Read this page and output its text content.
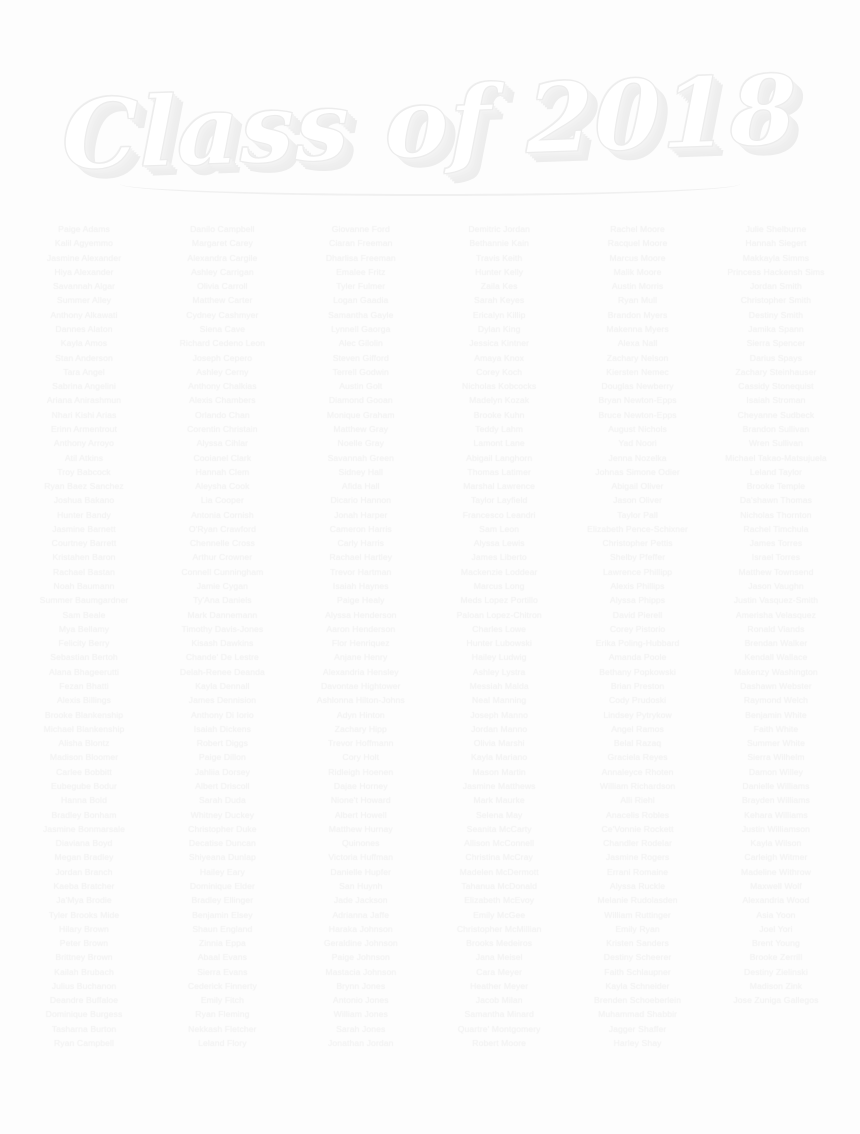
Class of 2018
Paige Adams
Kalil Agyemmo
Jasmine Alexander
Hiya Alexander
Savannah Algar
Summer Alley
Anthony Alkawati
Dannes Alaton
Kayla Amos
Stan Anderson
Tara Angel
Sabrina Angelini
Ariana Anirashmun
Nhari Kishi Arias
Erinn Armentrout
Anthony Arroyo
Atil Atkins
Troy Babcock
Ryan Baez Sanchez
Joshua Bakano
Hunter Bandy
Jasmine Barnett
Courtney Barrett
Kristahen Baron
Rachael Bastan
Noah Baumann
Summer Baumgardner
Sam Beale
Mya Bellamy
Felicity Berry
Sebastian Bertoh
Alana Bhageerutti
Fezan Bhatti
Alexis Billings
Brooke Blankenship
Michael Blankenship
Alisha Blontz
Madison Bloomer
Carlee Bobbitt
Eubegube Bodur
Hanna Bold
Bradley Bonham
Jasmine Bonmarsale
Diaviana Boyd
Megan Bradley
Jordan Branch
Kaeba Bratcher
Ja'Mya Brodie
Tyler Brooks Mide
Hilary Brown
Peter Brown
Brittney Brown
Kailah Brubach
Julius Buchanon
Deandre Buffaloe
Dominique Burgess
Tasharna Burton
Ryan Campbell
Danilo Campbell
Margaret Carey
Alexandra Cargile
Ashley Carrigan
Olivia Carroll
Matthew Carter
Cydney Cashmyer
Siena Cave
Richard Cedeno Leon
Joseph Cepero
Ashley Cerny
Anthony Chalkias
Alexis Chambers
Orlando Chan
Corentin Christain
Alyssa Cihlar
Cooianel Clark
Hannah Clem
Aleysha Cook
Lia Cooper
Antonia Cornish
O'Ryan Crawford
Chennelle Cross
Arthur Crowner
Connell Cunningham
Jamie Cygan
Ty'Ana Daniels
Mark Dannemann
Timothy Davis-Jones
Kisash Dawkins
Chande' De Lestre
Delah-Renee Deanda
Kayla Dennall
James Dennision
Anthony Di Iorio
Isaiah Dickens
Robert Diggs
Paige Dillon
Jahliia Dorsey
Albert Driscoll
Sarah Duda
Whitney Duckey
Christopher Duke
Decatise Duncan
Shiyeana Dunlap
Hailey Eary
Dominique Elder
Bradley Ellinger
Benjamin Elsey
Shaun England
Zinnia Eppa
Abaal Evans
Sierra Evans
Cederick Finnerty
Emily Fitch
Ryan Fleming
Nekkash Fletcher
Leland Flory
Giovanne Ford
Ciaran Freeman
Dharlisa Freeman
Emalee Fritz
Tyler Fulmer
Logan Gaadia
Samantha Gayle
Lynnell Gaorga
Alec Gilolin
Steven Gifford
Terrell Godwin
Austin Golt
Diamond Gooan
Monique Graham
Matthew Gray
Noelle Gray
Savannah Green
Sidney Hall
Afida Hall
Dicario Hannon
Jonah Harper
Cameron Harris
Carly Harris
Rachael Hartley
Trevor Hartman
Isaiah Haynes
Paige Healy
Alyssa Henderson
Aaron Henderson
Flor Henriquez
Anjane Henry
Alexandria Hensley
Davontae Hightower
Ashlonna Hilton-Johns
Adyn Hinton
Zachary Hipp
Trevor Hoffmann
Cory Holt
Ridleigh Hoenen
Dajae Horney
Nione't Howard
Albert Howell
Matthew Hurnay
Quinones
Victoria Huffman
Danielle Hupfer
San Huynh
Jade Jackson
Adrianna Jaffe
Haraka Johnson
Geraldine Johnson
Paige Johnson
Mastacia Johnson
Brynn Jones
Antonio Jones
William Jones
Sarah Jones
Jonathan Jordan
Demitric Jordan
Bethannie Kain
Travis Keith
Hunter Kelly
Zaila Kes
Sarah Keyes
Ericalyn Killip
Dylan King
Jessica Kintner
Amaya Knox
Corey Koch
Nicholas Kobcocks
Madelyn Kozak
Brooke Kuhn
Teddy Lahm
Lamont Lane
Abigail Langhorn
Thomas Latimer
Marshal Lawrence
Taylor Layfield
Francesco Leandri
Sam Leon
Alyssa Lewis
James Liberto
Mackenzie Loddear
Marcus Long
Meds Lopez Portillo
Paloan Lopez-Chitron
Charles Lowe
Hunter Lubowski
Hailey Ludwig
Ashley Lystra
Messiah Malda
Neal Manning
Joseph Manno
Jordan Manno
Olivia Marshi
Kayla Mariano
Mason Martin
Jasmine Matthews
Mark Maurke
Selena May
Seanita McCarty
Allison McConnell
Christina McCray
Madelen McDermott
Tahanua McDonald
Elizabeth McEvoy
Emily McGee
Christopher McMillian
Brooks Medeiros
Jana Meisel
Cara Meyer
Heather Meyer
Jacob Milan
Samantha Minard
Quartre' Montgomery
Robert Moore
Rachel Moore
Racquel Moore
Marcus Moore
Malik Moore
Austin Morris
Ryan Mull
Brandon Myers
Makenna Myers
Alexa Nall
Zachary Nelson
Kiersten Nemec
Douglas Newberry
Bryan Newton-Epps
Bruce Newton-Epps
August Nichols
Yad Noori
Jenna Nozelka
Johnas Simone Odier
Abigail Oliver
Jason Oliver
Taylor Pall
Elizabeth Pence-Schixner
Christopher Pettis
Shelby Pfeffer
Lawrence Phillipp
Alexis Phillips
Alyssa Phipps
David Pierell
Corey Pistorio
Erika Poling-Hubbard
Amanda Poole
Bethany Popkowski
Brian Preston
Cody Prudoski
Lindsey Pytrykow
Angel Ramos
Belal Razaq
Graciela Reyes
Annaleyce Rhoten
William Richardson
Alli Riehl
Anacelis Robles
Ce'Vonnie Rockett
Chandler Rodelar
Jasmine Rogers
Errani Romaine
Alyssa Ruckle
Melanie Rudolasden
William Ruttinger
Emily Ryan
Kristen Sanders
Destiny Scheerer
Faith Schlaupner
Kayla Schneider
Brenden Schoeberlein
Muhammad Shabbir
Jagger Shaffer
Harley Shay
Julie Shelburne
Hannah Siegert
Makkayla Simms
Princess Hackensh Sims
Jordan Smith
Christopher Smith
Destiny Smith
Jamika Spann
Sierra Spencer
Darius Spays
Zachary Steinhauser
Cassidy Stonequist
Isaiah Stroman
Cheyanne Sudbeck
Brandon Sullivan
Wren Sullivan
Michael Takao-Matsujuela
Leland Taylor
Brooke Temple
Da'shawn Thomas
Nicholas Thornton
Rachel Timchula
James Torres
Israel Torres
Matthew Townsend
Jason Vaughn
Justin Vasquez-Smith
Amerisha Velasquez
Ronald Viands
Brendan Walker
Kendall Wallace
Makenzy Washington
Dashawn Webster
Raymond Welch
Benjamin White
Faith White
Summer White
Sierra Wilhelm
Damon Willey
Danielle Williams
Brayden Williams
Kehara Williams
Justin Williamson
Kayla Wilson
Carleigh Witmer
Madeline Withrow
Maxwell Wolf
Alexandria Wood
Asia Yoon
Joel Yori
Brent Young
Brooke Zerrill
Destiny Zielinski
Madison Zink
Jose Zuniga Gallegos
